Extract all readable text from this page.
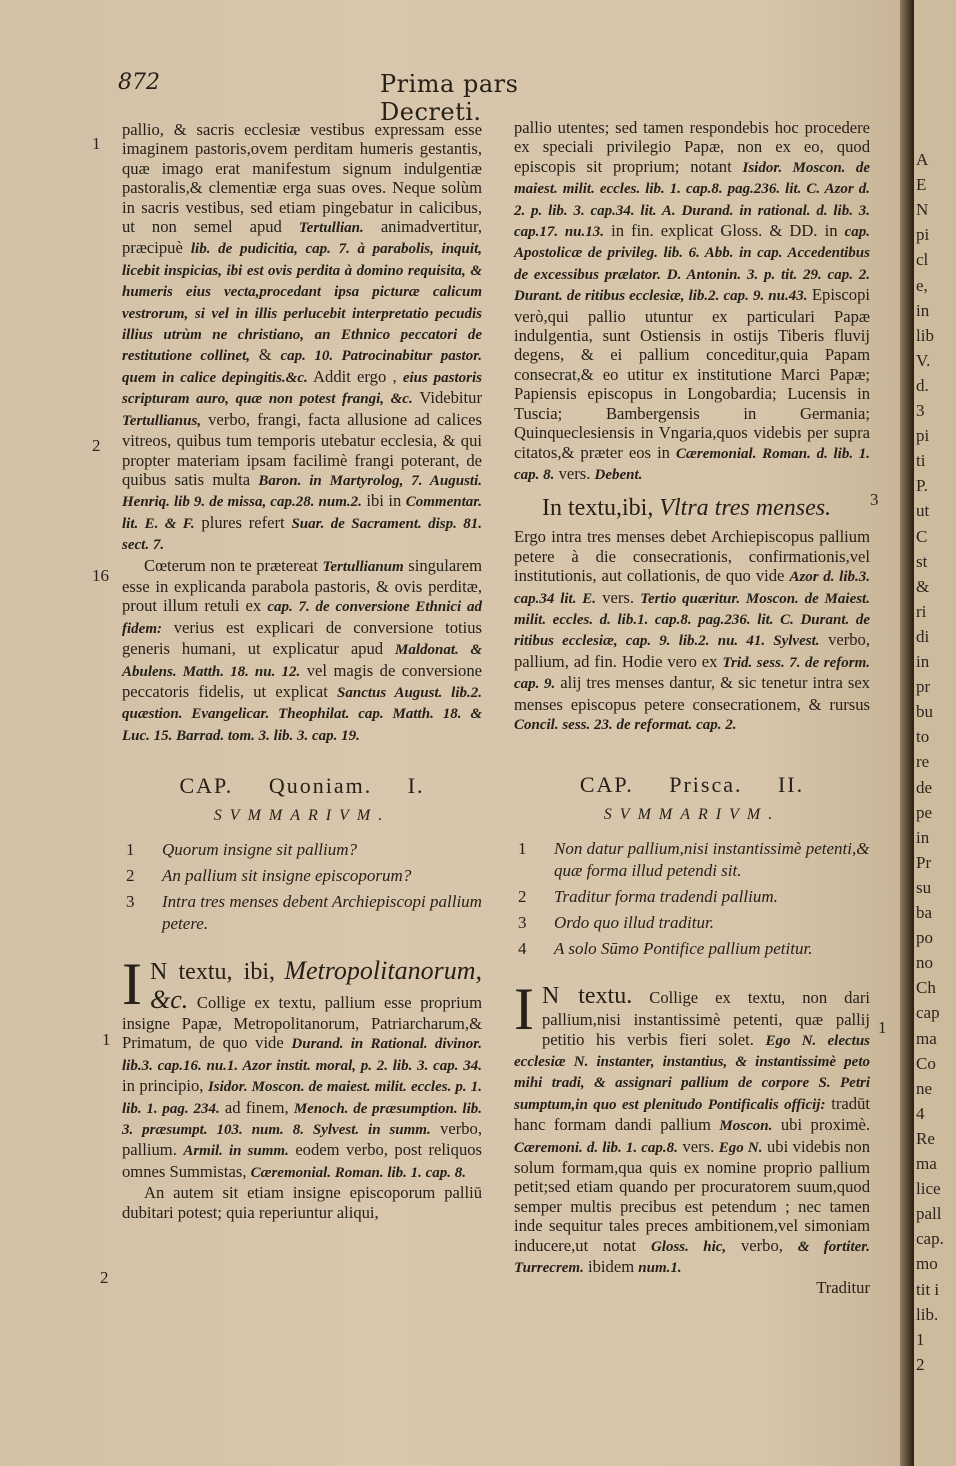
872	Prima pars Decreti.
1
2
16
1
2
1
3

pallio, & sacris ecclesiæ vestibus expressam esse imaginem pastoris,ovem perditam humeris gestantis, quæ imago erat manifestum signum indulgentiæ pastoralis,& clementiæ erga suas oves. Neque solùm in sacris vestibus, sed etiam pingebatur in calicibus, ut non semel apud Tertullian. animadvertitur, præcipuè lib. de pudicitia, cap. 7. à parabolis, inquit, licebit inspicias, ibi est ovis perdita à domino requisita, & humeris eius vecta,procedant ipsa picturæ calicum vestrorum, si vel in illis perlucebit interpretatio pecudis illius utrùm ne christiano, an Ethnico peccatori de restitutione collinet, & cap. 10. Patrocinabitur pastor. quem in calice depingitis.&c. Addit ergo , eius pastoris scripturam auro, quæ non potest frangi, &c. Videbitur Tertullianus, verbo, frangi, facta allusione ad calices vitreos, quibus tum temporis utebatur ecclesia, & qui propter materiam ipsam facilimè frangi poterant, de quibus satis multa Baron. in Martyrolog, 7. Augusti. Henriq. lib 9. de missa, cap.28. num.2. ibi in Commentar. lit. E. & F. plures refert Suar. de Sacrament. disp. 81. sect. 7.

Cœterum non te prætereat Tertullianum singularem esse in explicanda parabola pastoris, & ovis perditæ, prout illum retuli ex cap. 7. de conversione Ethnici ad fidem: verius est explicari de conversione totius generis humani, ut explicatur apud Maldonat. & Abulens. Matth. 18. nu. 12. vel magis de conversione peccatoris fidelis, ut explicat Sanctus August. lib.2. quæstion. Evangelicar. Theophilat. cap. Matth. 18. & Luc. 15. Barrad. tom. 3. lib. 3. cap. 19.

CAP. Quoniam. I.
SVMMARIVM.
1 Quorum insigne sit pallium?
2 An pallium sit insigne episcoporum?
3 Intra tres menses debent Archiepiscopi pallium petere.

I N textu, ibi, Metropolitanorum, &c. Collige ex textu, pallium esse proprium insigne Papæ, Metropolitanorum, Patriarcharum,& Primatum, de quo vide Durand. in Rational. divinor. lib.3. cap.16. nu.1. Azor instit. moral, p. 2. lib. 3. cap. 34. in principio, Isidor. Moscon. de maiest. milit. eccles. p. 1. lib. 1. pag. 234. ad finem, Menoch. de præsumption. lib. 3. præsumpt. 103. num. 8. Sylvest. in summ. verbo, pallium. Armil. in summ. eodem verbo, post reliquos omnes Summistas, Cæremonial. Roman. lib. 1. cap. 8.

An autem sit etiam insigne episcoporum palliū dubitari potest; quia reperiuntur aliqui,

pallio utentes; sed tamen respondebis hoc procedere ex speciali privilegio Papæ, non ex eo, quod episcopis sit proprium; notant Isidor. Moscon. de maiest. milit. eccles. lib. 1. cap.8. pag.236. lit. C. Azor d. 2. p. lib. 3. cap.34. lit. A. Durand. in rational. d. lib. 3. cap.17. nu.13. in fin. explicat Gloss. & DD. in cap. Apostolicæ de privileg. lib. 6. Abb. in cap. Accedentibus de excessibus prælator. D. Antonin. 3. p. tit. 29. cap. 2. Durant. de ritibus ecclesiæ, lib.2. cap. 9. nu.43. Episcopi verò,qui pallio utuntur ex particulari Papæ indulgentia, sunt Ostiensis in ostijs Tiberis fluvij degens, & ei pallium conceditur,quia Papam consecrat,& eo utitur ex institutione Marci Papæ; Papiensis episcopus in Longobardia; Lucensis in Tuscia; Bambergensis in Germania; Quinqueclesiensis in Vngaria,quos videbis per supra citatos,& præter eos in Cæremonial. Roman. d. lib. 1. cap. 8. vers. Debent.

In textu,ibi, Vltra tres menses.

Ergo intra tres menses debet Archiepiscopus pallium petere à die consecrationis, confirmationis,vel institutionis, aut collationis, de quo vide Azor d. lib.3. cap.34 lit. E. vers. Tertio quæritur. Moscon. de Maiest. milit. eccles. d. lib.1. cap.8. pag.236. lit. C. Durant. de ritibus ecclesiæ, cap. 9. lib.2. nu. 41. Sylvest. verbo, pallium, ad fin. Hodie vero ex Trid. sess. 7. de reform. cap. 9. alij tres menses dantur, & sic tenetur intra sex menses episcopus petere consecrationem, & rursus Concil. sess. 23. de reformat. cap. 2.

CAP. Prisca. II.
SVMMARIVM.
1 Non datur pallium,nisi instantissimè petenti,& quæ forma illud petendi sit.
2 Traditur forma tradendi pallium.
3 Ordo quo illud traditur.
4 A solo Sūmo Pontifice pallium petitur.

I N textu. Collige ex textu, non dari pallium,nisi instantissimè petenti, quæ pallij petitio his verbis fieri solet. Ego N. electus ecclesiæ N. instanter, instantius, & instantissimè peto mihi tradi, & assignari pallium de corpore S. Petri sumptum,in quo est plenitudo Pontificalis officij: tradūt hanc formam dandi pallium Moscon. ubi proximè. Cæremoni. d. lib. 1. cap.8. vers. Ego N. ubi videbis non solum formam,qua quis ex nomine proprio pallium petit;sed etiam quando per procuratorem suum,quod semper multis precibus est petendum ; nec tamen inde sequitur tales preces ambitionem,vel simoniam inducere,ut notat Gloss. hic, verbo, & fortiter. Turrecrem. ibidem num.1.

Traditur

A
E
N
pi
cl
e,
in
lib
V.
d.
3
pi
ti
P.
ut
C
st
&
ri
di
in
pr
bu
to
re
de
pe
in
Pr
su
ba
po
no
Ch
cap
ma
Co
ne
4
Re
ma
lice
pall
cap.
mo
tit i
lib.
1
2
